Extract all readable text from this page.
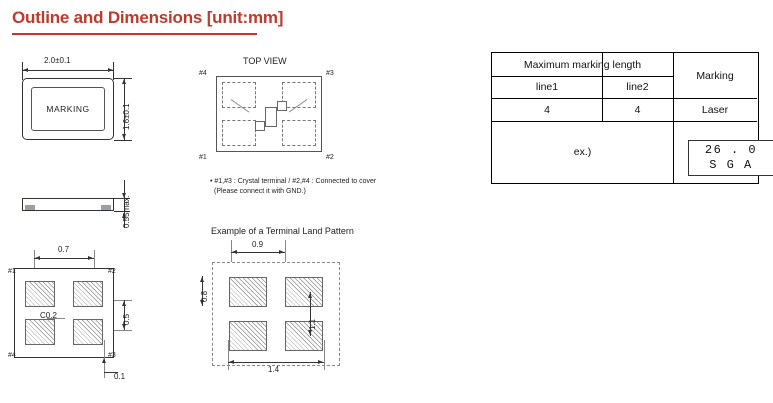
Outline and Dimensions [unit:mm]
2.0±0.1
MARKING	1.6±0.1
0.55max.
0.7
#1	#2
#4	#3
C0.2	0.5
0.1
TOP VIEW
#4	#3
#1	#2
• #1,#3 : Crystal terminal / #2,#4 : Connected to cover
(Please connect it with GND.)
Example of a Terminal Land Pattern
0.9
0.8
1.1
1.4
Maximum marking length
Marking
line1	line2
4	4	Laser
ex.)	26 . 0
S G A
